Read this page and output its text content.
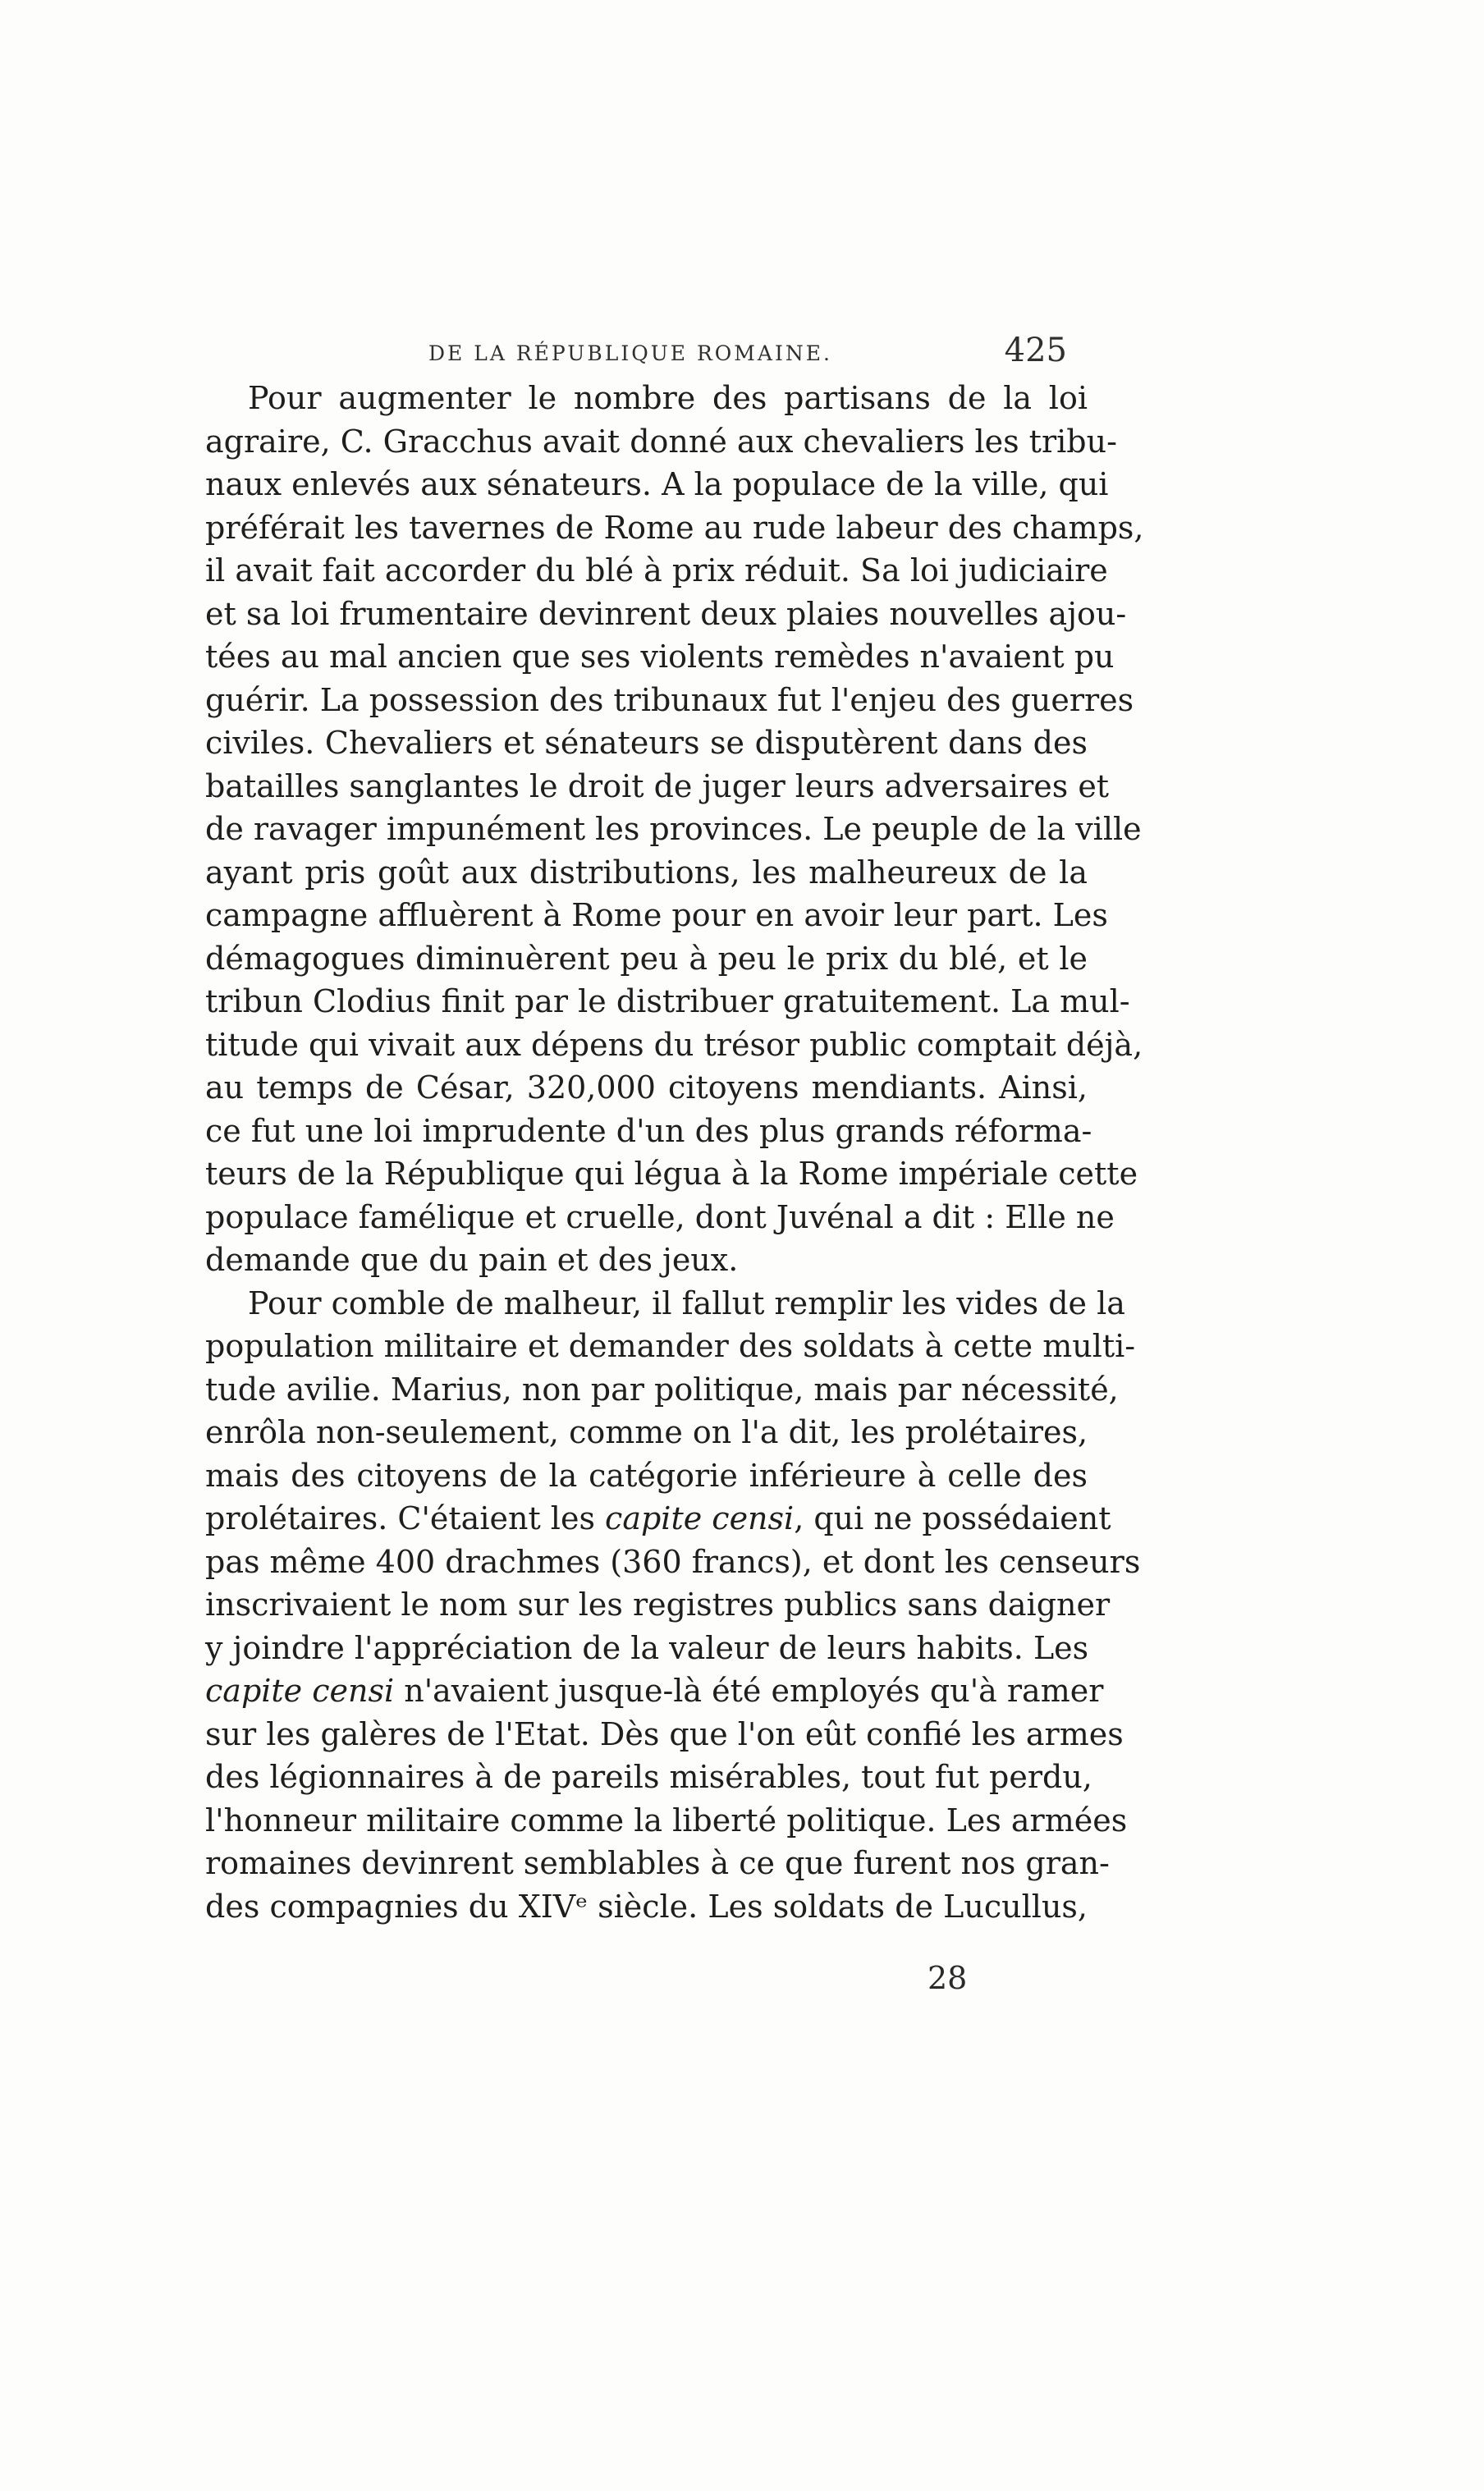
DE LA RÉPUBLIQUE ROMAINE.	425
Pour augmenter le nombre des partisans de la loi
agraire, C. Gracchus avait donné aux chevaliers les tribu-
naux enlevés aux sénateurs. A la populace de la ville, qui
préférait les tavernes de Rome au rude labeur des champs,
il avait fait accorder du blé à prix réduit. Sa loi judiciaire
et sa loi frumentaire devinrent deux plaies nouvelles ajou-
tées au mal ancien que ses violents remèdes n'avaient pu
guérir. La possession des tribunaux fut l'enjeu des guerres
civiles. Chevaliers et sénateurs se disputèrent dans des
batailles sanglantes le droit de juger leurs adversaires et
de ravager impunément les provinces. Le peuple de la ville
ayant pris goût aux distributions, les malheureux de la
campagne affluèrent à Rome pour en avoir leur part. Les
démagogues diminuèrent peu à peu le prix du blé, et le
tribun Clodius finit par le distribuer gratuitement. La mul-
titude qui vivait aux dépens du trésor public comptait déjà,
au temps de César, 320,000 citoyens mendiants. Ainsi,
ce fut une loi imprudente d'un des plus grands réforma-
teurs de la République qui légua à la Rome impériale cette
populace famélique et cruelle, dont Juvénal a dit : Elle ne
demande que du pain et des jeux.
Pour comble de malheur, il fallut remplir les vides de la
population militaire et demander des soldats à cette multi-
tude avilie. Marius, non par politique, mais par nécessité,
enrôla non-seulement, comme on l'a dit, les prolétaires,
mais des citoyens de la catégorie inférieure à celle des
prolétaires. C'étaient les capite censi, qui ne possédaient
pas même 400 drachmes (360 francs), et dont les censeurs
inscrivaient le nom sur les registres publics sans daigner
y joindre l'appréciation de la valeur de leurs habits. Les
capite censi n'avaient jusque-là été employés qu'à ramer
sur les galères de l'Etat. Dès que l'on eût confié les armes
des légionnaires à de pareils misérables, tout fut perdu,
l'honneur militaire comme la liberté politique. Les armées
romaines devinrent semblables à ce que furent nos gran-
des compagnies du XIVᵉ siècle. Les soldats de Lucullus,
28
